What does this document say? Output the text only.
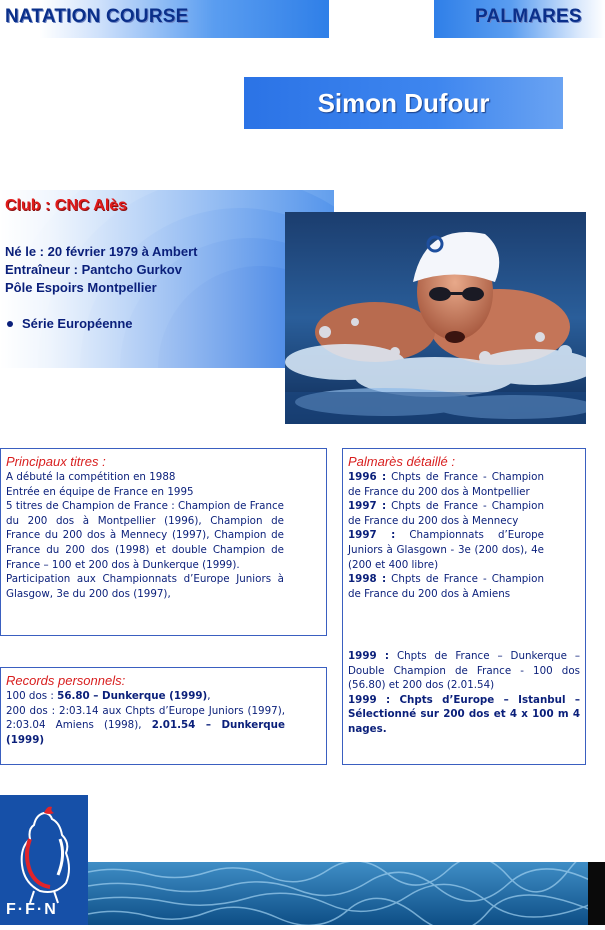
NATATION COURSE	PALMARES
Simon Dufour
Club : CNC Alès
Né le : 20 février 1979 à Ambert
Entraîneur : Pantcho Gurkov
Pôle Espoirs Montpellier
Série Européenne
Principaux titres :
A débuté la compétition en 1988
Entrée en équipe de France en 1995
5 titres de Champion de France : Champion de France du 200 dos à Montpellier (1996), Champion de France du 200 dos à Mennecy (1997), Champion de France du 200 dos (1998) et double Champion de France – 100 et 200 dos à Dunkerque (1999).
Participation aux Championnats d’Europe Juniors à Glasgow, 3e du 200 dos (1997),
Records personnels:
100 dos : 56.80 – Dunkerque (1999),
200 dos : 2:03.14 aux Chpts d’Europe Juniors (1997), 2:03.04 Amiens (1998), 2.01.54 – Dunkerque (1999)
Palmarès détaillé :
1996 : Chpts de France - Champion de France du 200 dos à Montpellier
1997 : Chpts de France - Champion de France du 200 dos à Mennecy
1997 : Championnats d’Europe Juniors à Glasgown - 3e (200 dos), 4e (200 et 400 libre)
1998 : Chpts de France - Champion de France du 200 dos à Amiens
1999 : Chpts de France – Dunkerque – Double Champion de France - 100 dos (56.80) et 200 dos (2.01.54)
1999 : Chpts d’Europe – Istanbul – Sélectionné sur 200 dos et 4 x 100 m 4 nages.
F·F·N
